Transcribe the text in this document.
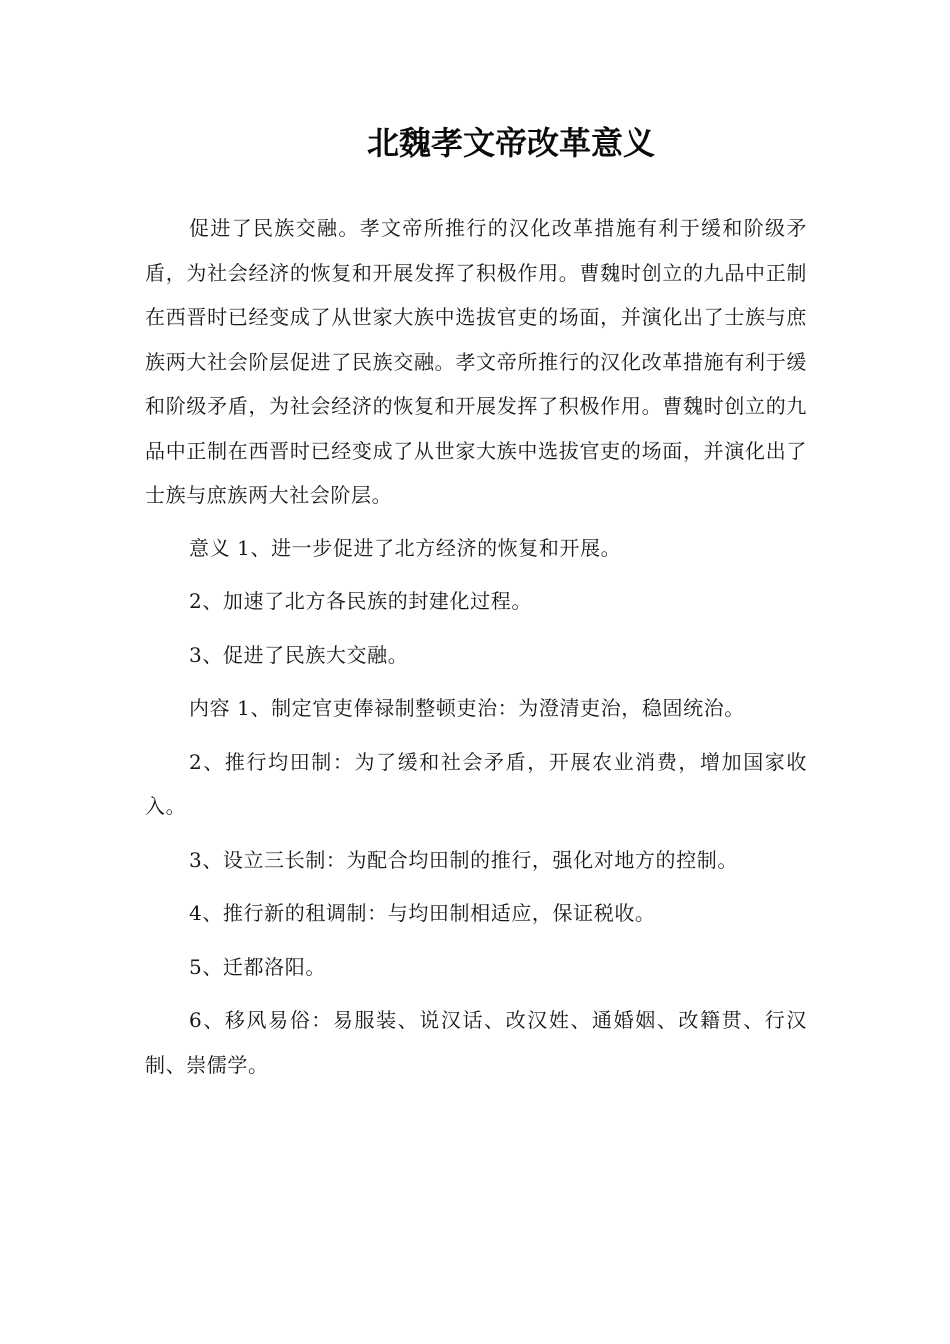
北魏孝文帝改革意义

促进了民族交融。孝文帝所推行的汉化改革措施有利于缓和阶级矛盾，为社会经济的恢复和开展发挥了积极作用。曹魏时创立的九品中正制在西晋时已经变成了从世家大族中选拔官吏的场面，并演化出了士族与庶族两大社会阶层促进了民族交融。孝文帝所推行的汉化改革措施有利于缓和阶级矛盾，为社会经济的恢复和开展发挥了积极作用。曹魏时创立的九品中正制在西晋时已经变成了从世家大族中选拔官吏的场面，并演化出了士族与庶族两大社会阶层。

意义 1、进一步促进了北方经济的恢复和开展。

2、加速了北方各民族的封建化过程。

3、促进了民族大交融。

内容 1、制定官吏俸禄制整顿吏治：为澄清吏治，稳固统治。

2、推行均田制：为了缓和社会矛盾，开展农业消费，增加国家收入。

3、设立三长制：为配合均田制的推行，强化对地方的控制。

4、推行新的租调制：与均田制相适应，保证税收。

5、迁都洛阳。

6、移风易俗：易服装、说汉话、改汉姓、通婚姻、改籍贯、行汉制、崇儒学。
